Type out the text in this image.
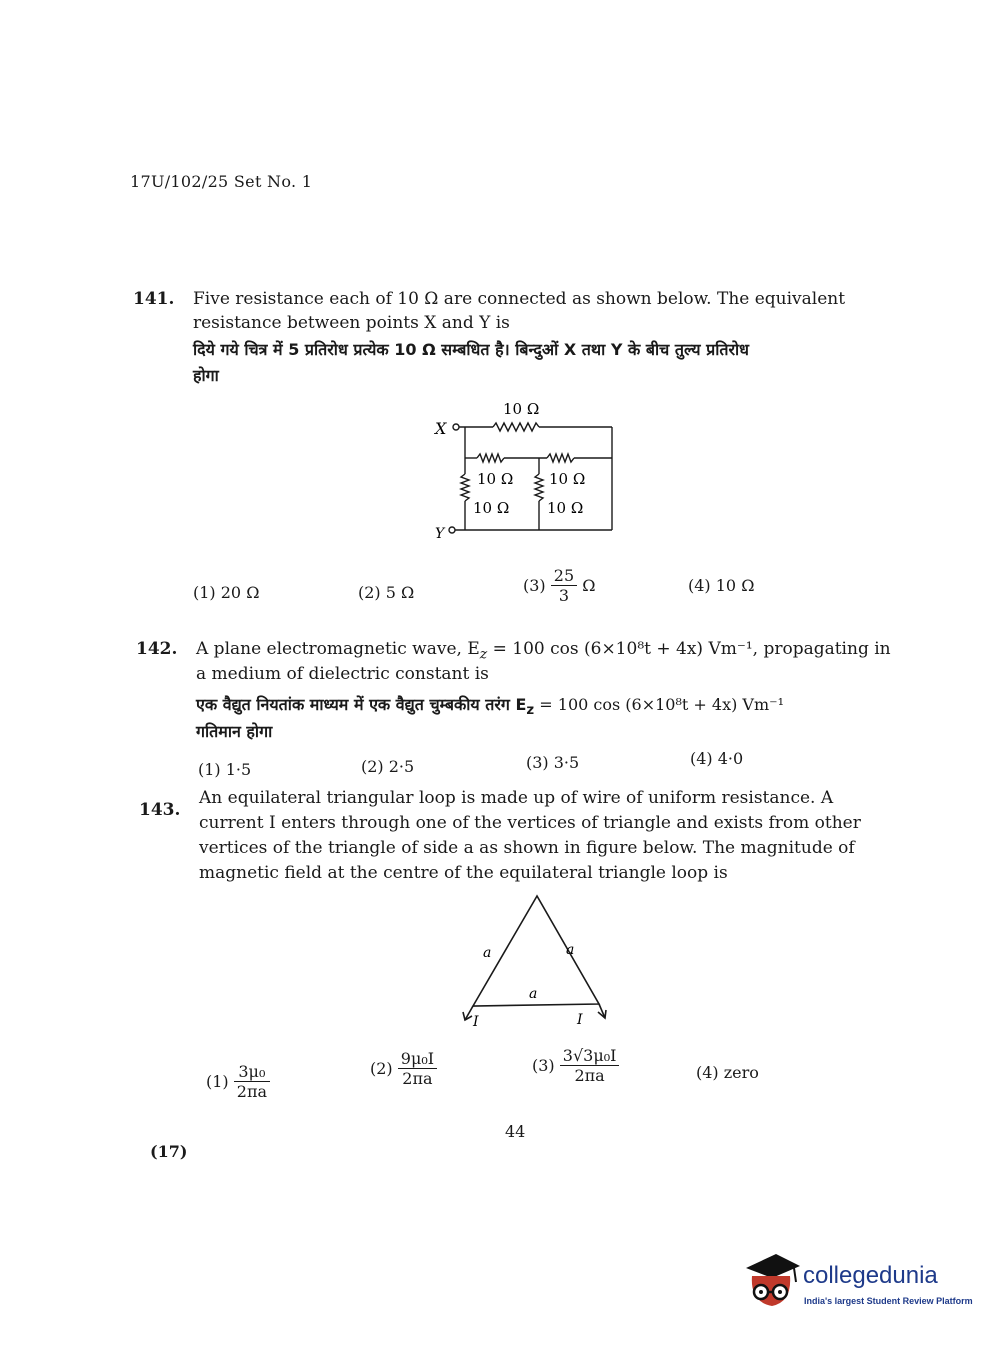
17U/102/25 Set No. 1
141. Five resistance each of 10 Ω are connected as shown below. The equivalent
resistance between points X and Y is
दिये गये चित्र में 5 प्रतिरोध प्रत्येक 10 Ω सम्बधित है। बिन्दुओं X तथा Y के बीच तुल्य प्रतिरोध
होगा
X
Y
10 Ω
10 Ω 10 Ω
10 Ω	10 Ω
(1) 20 Ω	(2) 5 Ω	$(3) \frac{25}{3}$ Ω	(4) 10 Ω
142. A plane electromagnetic wave, $E_z = 100$ cos (6×10⁸t + 4x) Vm⁻¹, propagating in
a medium of dielectric constant is
एक वैद्युत नियतांक माध्यम में एक वैद्युत चुम्बकीय तरंग $E_z = 100$ cos (6×10⁸t + 4x) Vm⁻¹
गतिमान होगा
(1) 1·5	(2) 2·5	(3) 3·5	(4) 4·0
143.
An equilateral triangular loop is made up of wire of uniform resistance. A
current I enters through one of the vertices of triangle and exists from other
vertices of the triangle of side a as shown in figure below. The magnitude of
magnetic field at the centre of the equilateral triangle loop is
a	a
a
I	I
$(1) \frac{\text{3μ₀}}{2\pi a}$	$(2) \frac{\text{9μ₀I}}{2\pi a}$	$(3) \frac{\text{3√3μ₀I}}{2\pi a}$	(4) zero
44
(17)
collegedunia
India's largest Student Review Platform
